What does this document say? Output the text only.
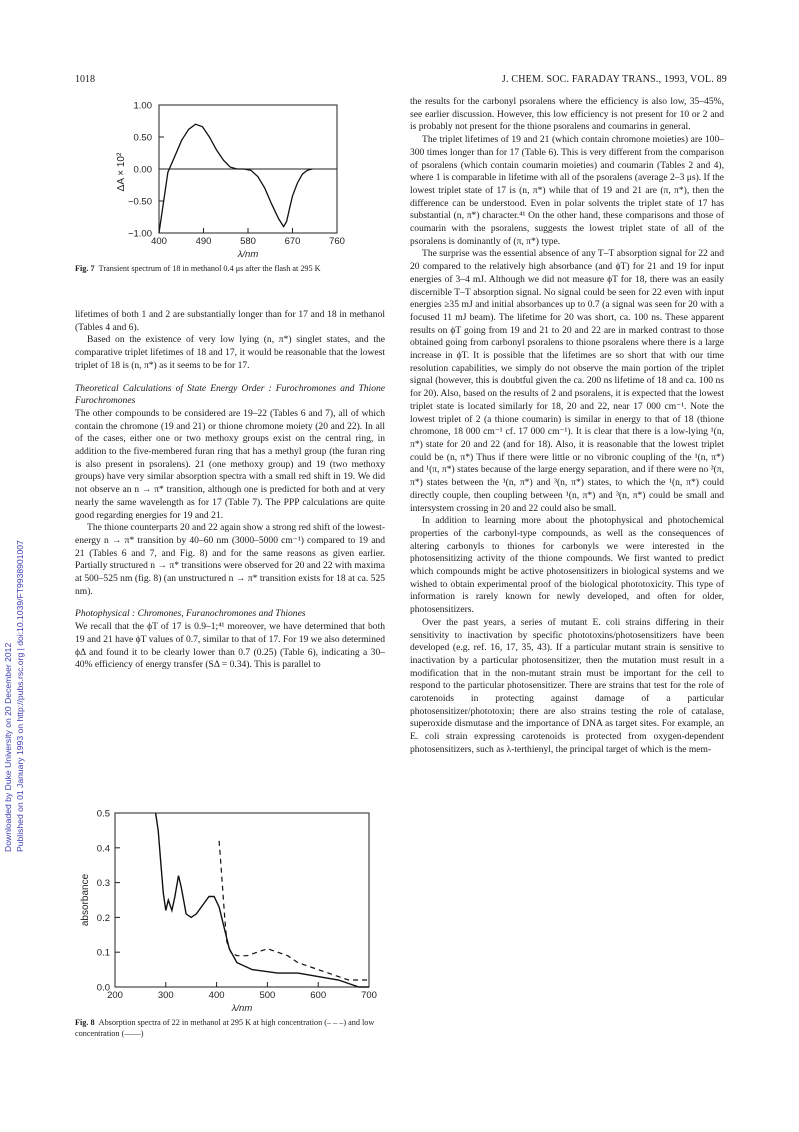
1018	J. CHEM. SOC. FARADAY TRANS., 1993, VOL. 89
Downloaded by Duke University on 20 December 2012 Published on 01 January 1993 on http://pubs.rsc.org | doi:10.1039/FT9938901007
1.00
0.50
0.00
−0.50
−1.00
400	490	580	670	760
ΔA × 10²
λ/nm
Fig. 7 Transient spectrum of 18 in methanol 0.4 μs after the flash at 295 K

lifetimes of both 1 and 2 are substantially longer than for 17 and 18 in methanol (Tables 4 and 6).

Based on the existence of very low lying (n, π*) singlet states, and the comparative triplet lifetimes of 18 and 17, it would be reasonable that the lowest triplet of 18 is (n, π*) as it seems to be for 17.

Theoretical Calculations of State Energy Order : Furochromones and Thione Furochromones

The other compounds to be considered are 19–22 (Tables 6 and 7), all of which contain the chromone (19 and 21) or thione chromone moiety (20 and 22). In all of the cases, either one or two methoxy groups exist on the central ring, in addition to the five-membered furan ring that has a methyl group (the furan ring is also present in psoralens). 21 (one methoxy group) and 19 (two methoxy groups) have very similar absorption spectra with a small red shift in 19. We did not observe an n → π* transition, although one is predicted for both and at very nearly the same wavelength as for 17 (Table 7). The PPP calculations are quite good regarding energies for 19 and 21.

The thione counterparts 20 and 22 again show a strong red shift of the lowest-energy n → π* transition by 40–60 nm (3000–5000 cm⁻¹) compared to 19 and 21 (Tables 6 and 7, and Fig. 8) and for the same reasons as given earlier. Partially structured n → π* transitions were observed for 20 and 22 with maxima at 500–525 nm (fig. 8) (an unstructured n → π* transition exists for 18 at ca. 525 nm).

Photophysical : Chromones, Furanochromones and Thiones

We recall that the ϕT of 17 is 0.9–1;⁴¹ moreover, we have determined that both 19 and 21 have ϕT values of 0.7, similar to that of 17. For 19 we also determined ϕΔ and found it to be clearly lower than 0.7 (0.25) (Table 6), indicating a 30–40% efficiency of energy transfer (SΔ = 0.34). This is parallel to

0.5
0.4
0.3
0.2
0.1
0.0
200	300	400	500	600	700
absorbance
λ/nm
Fig. 8 Absorption spectra of 22 in methanol at 295 K at high concentration (– – –) and low concentration (——)

the results for the carbonyl psoralens where the efficiency is also low, 35–45%, see earlier discussion. However, this low efficiency is not present for 10 or 2 and is probably not present for the thione psoralens and coumarins in general.

The triplet lifetimes of 19 and 21 (which contain chromone moieties) are 100–300 times longer than for 17 (Table 6). This is very different from the comparison of psoralens (which contain coumarin moieties) and coumarin (Tables 2 and 4), where 1 is comparable in lifetime with all of the psoralens (average 2–3 μs). If the lowest triplet state of 17 is (n, π*) while that of 19 and 21 are (π, π*), then the difference can be understood. Even in polar solvents the triplet state of 17 has substantial (n, π*) character.⁴¹ On the other hand, these comparisons and those of coumarin with the psoralens, suggests the lowest triplet state of all of the psoralens is dominantly of (π, π*) type.

The surprise was the essential absence of any T–T absorption signal for 22 and 20 compared to the relatively high absorbance (and ϕT) for 21 and 19 for input energies of 3–4 mJ. Although we did not measure ϕT for 18, there was an easily discernible T–T absorption signal. No signal could be seen for 22 even with input energies ≥35 mJ and initial absorbances up to 0.7 (a signal was seen for 20 with a focused 11 mJ beam). The lifetime for 20 was short, ca. 100 ns. These apparent results on ϕT going from 19 and 21 to 20 and 22 are in marked contrast to those obtained going from carbonyl psoralens to thione psoralens where there is a large increase in ϕT. It is possible that the lifetimes are so short that with our time resolution capabilities, we simply do not observe the main portion of the triplet signal (however, this is doubtful given the ca. 200 ns lifetime of 18 and ca. 100 ns for 20). Also, based on the results of 2 and psoralens, it is expected that the lowest triplet state is located similarly for 18, 20 and 22, near 17 000 cm⁻¹. Note the lowest triplet of 2 (a thione coumarin) is similar in energy to that of 18 (thione chromone, 18 000 cm⁻¹ cf. 17 000 cm⁻¹). It is clear that there is a low-lying ¹(n, π*) state for 20 and 22 (and for 18). Also, it is reasonable that the lowest triplet could be (n, π*) Thus if there were little or no vibronic coupling of the ¹(n, π*) and ¹(π, π*) states because of the large energy separation, and if there were no ³(π, π*) states between the ¹(n, π*) and ³(n, π*) states, to which the ¹(n, π*) could directly couple, then coupling between ¹(n, π*) and ³(n, π*) could be small and intersystem crossing in 20 and 22 could also be small.

In addition to learning more about the photophysical and photochemical properties of the carbonyl-type compounds, as well as the consequences of altering carbonyls to thiones for carbonyls we were interested in the photosensitizing activity of the thione compounds. We first wanted to predict which compounds might be active photosensitizers in biological systems and we wished to obtain experimental proof of the biological phototoxicity. This type of information is rarely known for newly developed, and often for older, photosensitizers.

Over the past years, a series of mutant E. coli strains differing in their sensitivity to inactivation by specific phototoxins/photosensitizers have been developed (e.g. ref. 16, 17, 35, 43). If a particular mutant strain is sensitive to inactivation by a particular photosensitizer, then the mutation must result in a modification that in the non-mutant strain must be important for the cell to respond to the particular photosensitizer. There are strains that test for the role of carotenoids in protecting against damage of a particular photosensitizer/phototoxin; there are also strains testing the role of catalase, superoxide dismutase and the importance of DNA as target sites. For example, an E. coli strain expressing carotenoids is protected from oxygen-dependent photosensitizers, such as λ-terthienyl, the principal target of which is the mem-
